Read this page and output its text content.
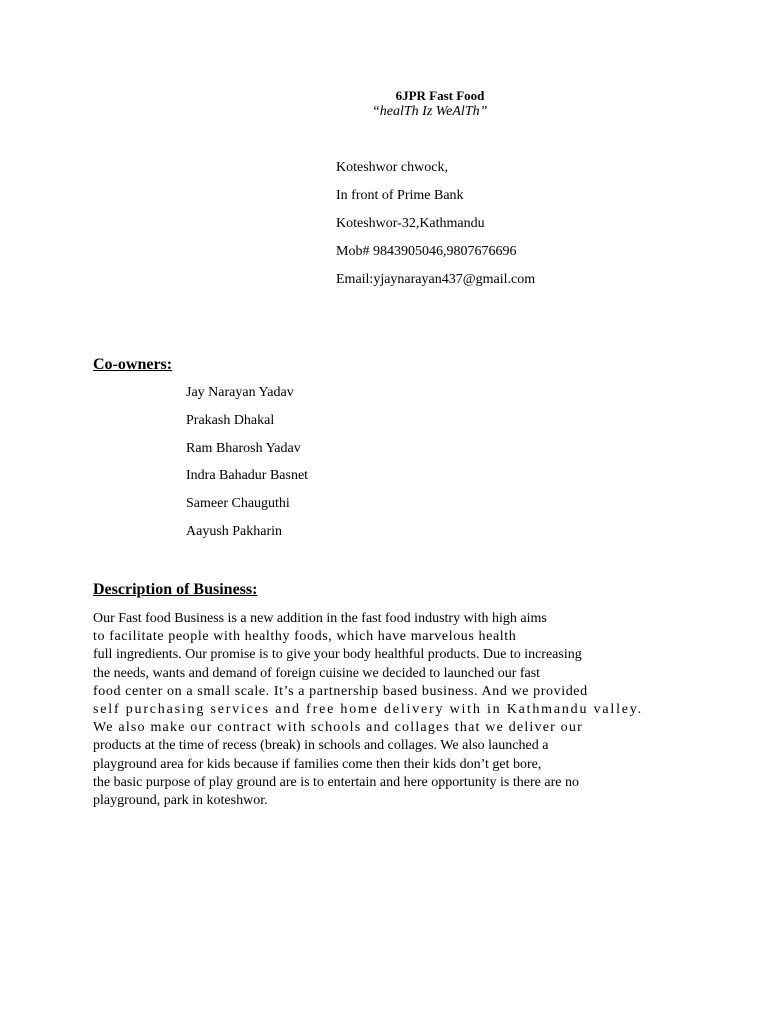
6JPR Fast Food
“healTh Iz WeAlTh”
Koteshwor chwock,
In front of Prime Bank
Koteshwor-32,Kathmandu
Mob# 9843905046,9807676696
Email:yjaynarayan437@gmail.com
Co-owners:
Jay Narayan Yadav
Prakash Dhakal
Ram Bharosh Yadav
Indra Bahadur Basnet
Sameer Chauguthi
Aayush Pakharin
Description of Business:
Our Fast food Business is a new addition in the fast food industry with high aims
to facilitate people with healthy foods, which have marvelous health
full ingredients. Our promise is to give your body healthful products. Due to increasing
the needs, wants and demand of foreign cuisine we decided to launched our fast
food center on a small scale. It’s a partnership based business. And we provided
self purchasing services and free home delivery with in Kathmandu valley.
We also make our contract with schools and collages that we deliver our
products at the time of recess (break) in schools and collages. We also launched a
playground area for kids because if families come then their kids don’t get bore,
the basic purpose of play ground are is to entertain and here opportunity is there are no
playground, park in koteshwor.
